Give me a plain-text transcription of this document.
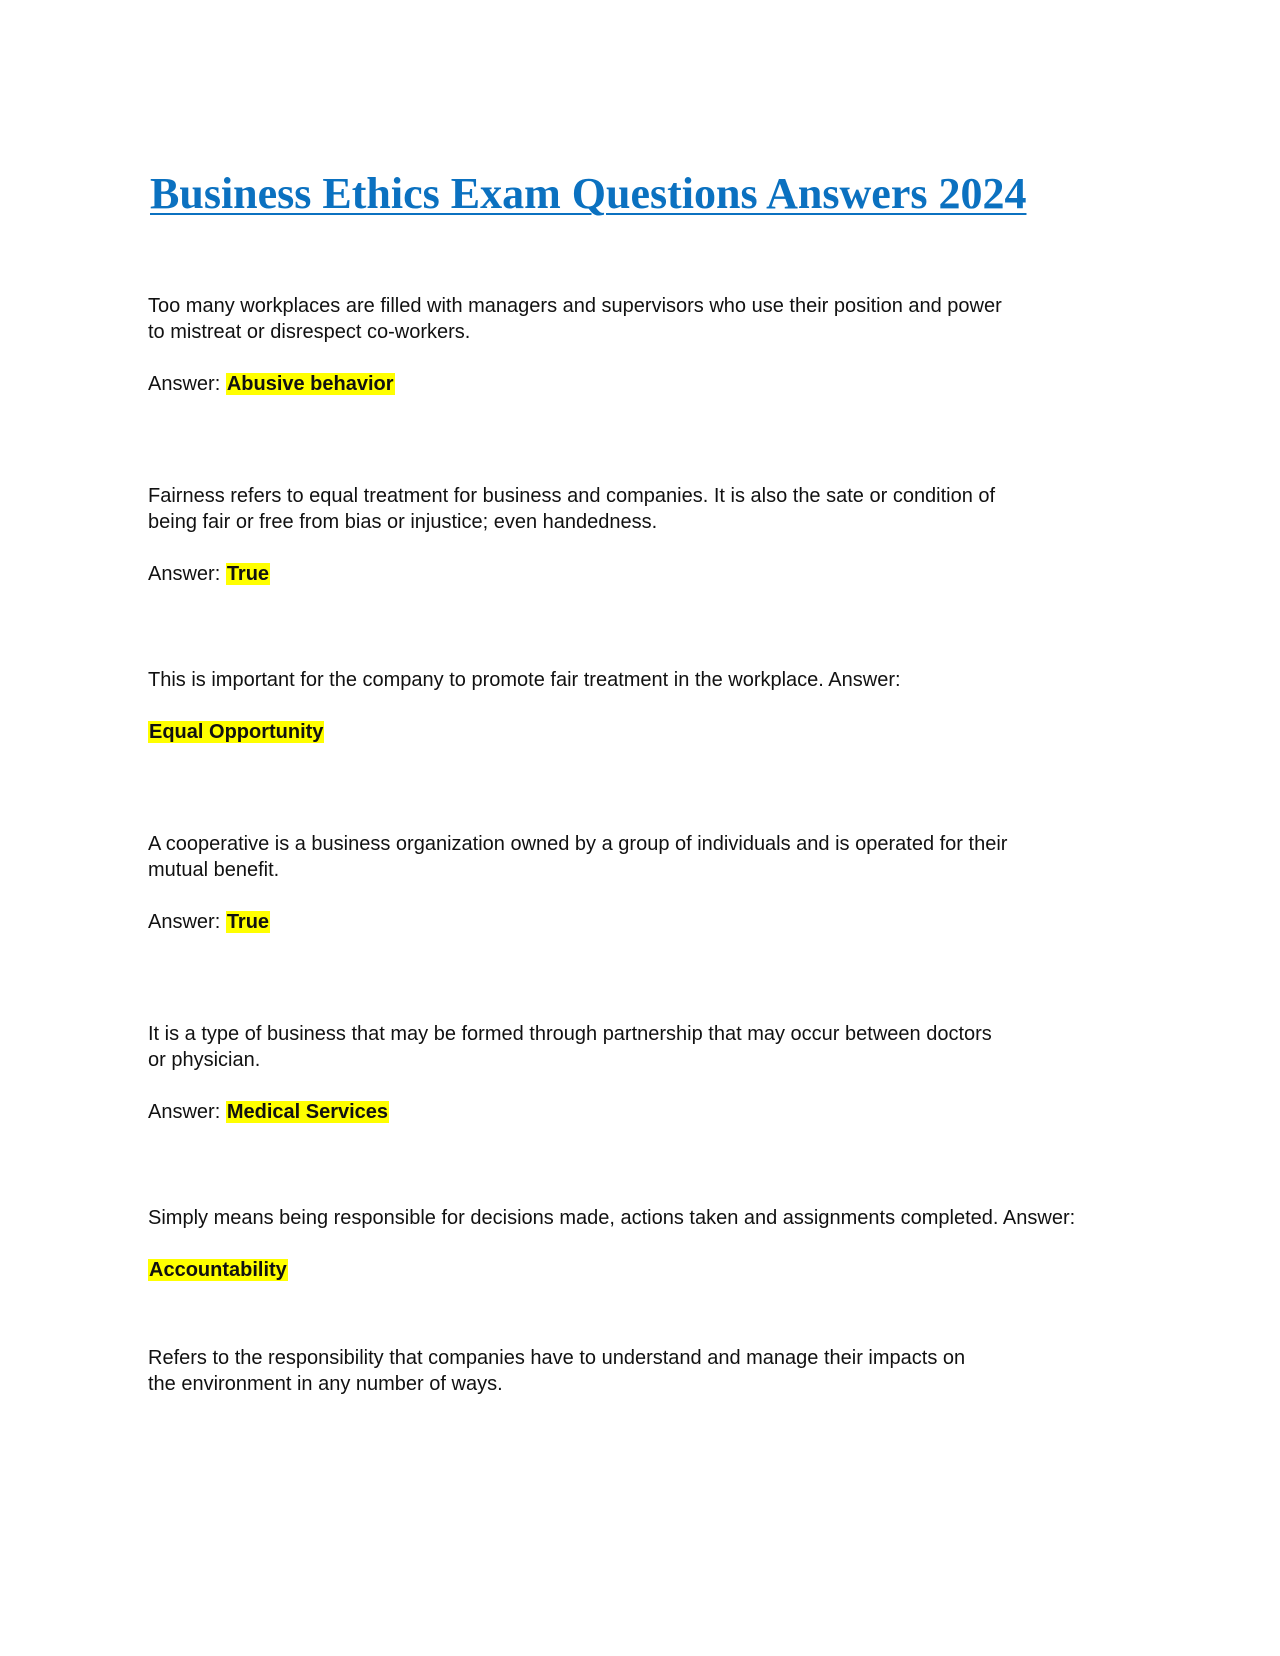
Business Ethics Exam Questions Answers 2024
Too many workplaces are filled with managers and supervisors who use their position and power
to mistreat or disrespect co-workers.
Answer: Abusive behavior
Fairness refers to equal treatment for business and companies. It is also the sate or condition of
being fair or free from bias or injustice; even handedness.
Answer: True
This is important for the company to promote fair treatment in the workplace. Answer:
Equal Opportunity
A cooperative is a business organization owned by a group of individuals and is operated for their
mutual benefit.
Answer: True
It is a type of business that may be formed through partnership that may occur between doctors
or physician.
Answer: Medical Services
Simply means being responsible for decisions made, actions taken and assignments completed. Answer:
Accountability
Refers to the responsibility that companies have to understand and manage their impacts on
the environment in any number of ways.
